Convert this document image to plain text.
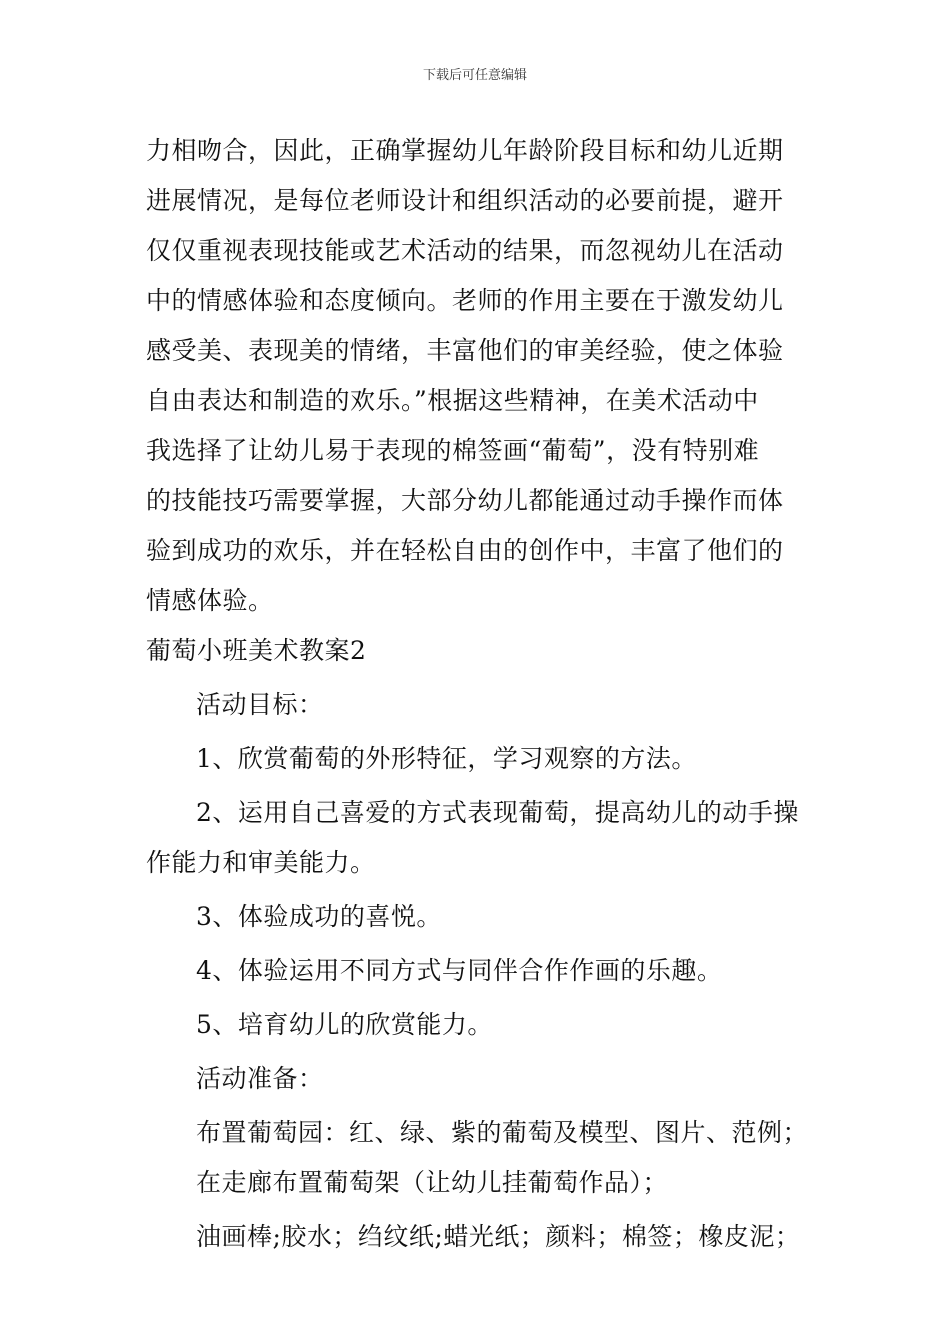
下载后可任意编辑
力相吻合，因此，正确掌握幼儿年龄阶段目标和幼儿近期
进展情况，是每位老师设计和组织活动的必要前提，避开
仅仅重视表现技能或艺术活动的结果，而忽视幼儿在活动
中的情感体验和态度倾向。老师的作用主要在于激发幼儿
感受美、表现美的情绪，丰富他们的审美经验，使之体验
自由表达和制造的欢乐。”根据这些精神，在美术活动中
我选择了让幼儿易于表现的棉签画“葡萄”，没有特别难
的技能技巧需要掌握，大部分幼儿都能通过动手操作而体
验到成功的欢乐，并在轻松自由的创作中，丰富了他们的
情感体验。
葡萄小班美术教案2
活动目标：
1、欣赏葡萄的外形特征，学习观察的方法。
2、运用自己喜爱的方式表现葡萄，提高幼儿的动手操
作能力和审美能力。
3、体验成功的喜悦。
4、体验运用不同方式与同伴合作作画的乐趣。
5、培育幼儿的欣赏能力。
活动准备：
布置葡萄园：红、绿、紫的葡萄及模型、图片、范例；
在走廊布置葡萄架（让幼儿挂葡萄作品）；
油画棒;胶水；绉纹纸;蜡光纸；颜料；棉签；橡皮泥；
